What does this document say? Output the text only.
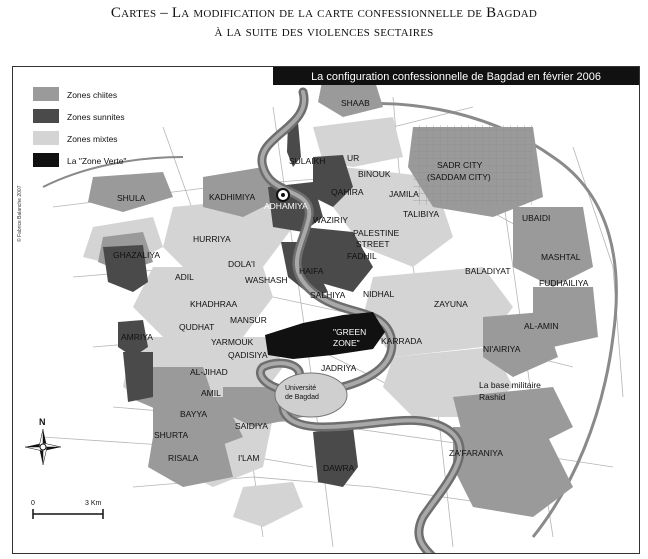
Cartes – La modification de la carte confessionnelle de Bagdad
à la suite des violences sectaires
La configuration confessionnelle de Bagdad en février 2006
Zones chiites
Zones sunnites
Zones mixtes
La "Zone Verte"
© Fabrice Balanche 2007
SHAAB
SULAIKH	UR
SADR CITY
(SADDAM CITY)
BINOUK
QAHIRA	JAMILA
SHULA	KADHIMIYA
ADHAMIYA
WAZIRIY
TALIBIYA	UBAIDI
PALESTINE
STREET
HURRIYA
GHAZALIYA	FADHIL	MASHTAL
DOLA'I
ADIL	WASHASH
HAIFA	BALADIYAT
FUDHAILIYA
SALHIYA NIDHAL
KHADHRAA	ZAYUNA
MANSUR
QUDHAT	AL-AMIN
"GREEN
ZONE"
YARMOUK
AMRIYA	KARRADA
NI'AIRIYA
QADISIYA
JADRIYA
AL-JIHAD
AMIL	Université
de Bagdad
La base militaire
Rashid
BAYYA
SAIDIYA
SHURTA
RISALA	I'LAM	ZA'FARANIYA
DAWRA
N
0	3 Km
